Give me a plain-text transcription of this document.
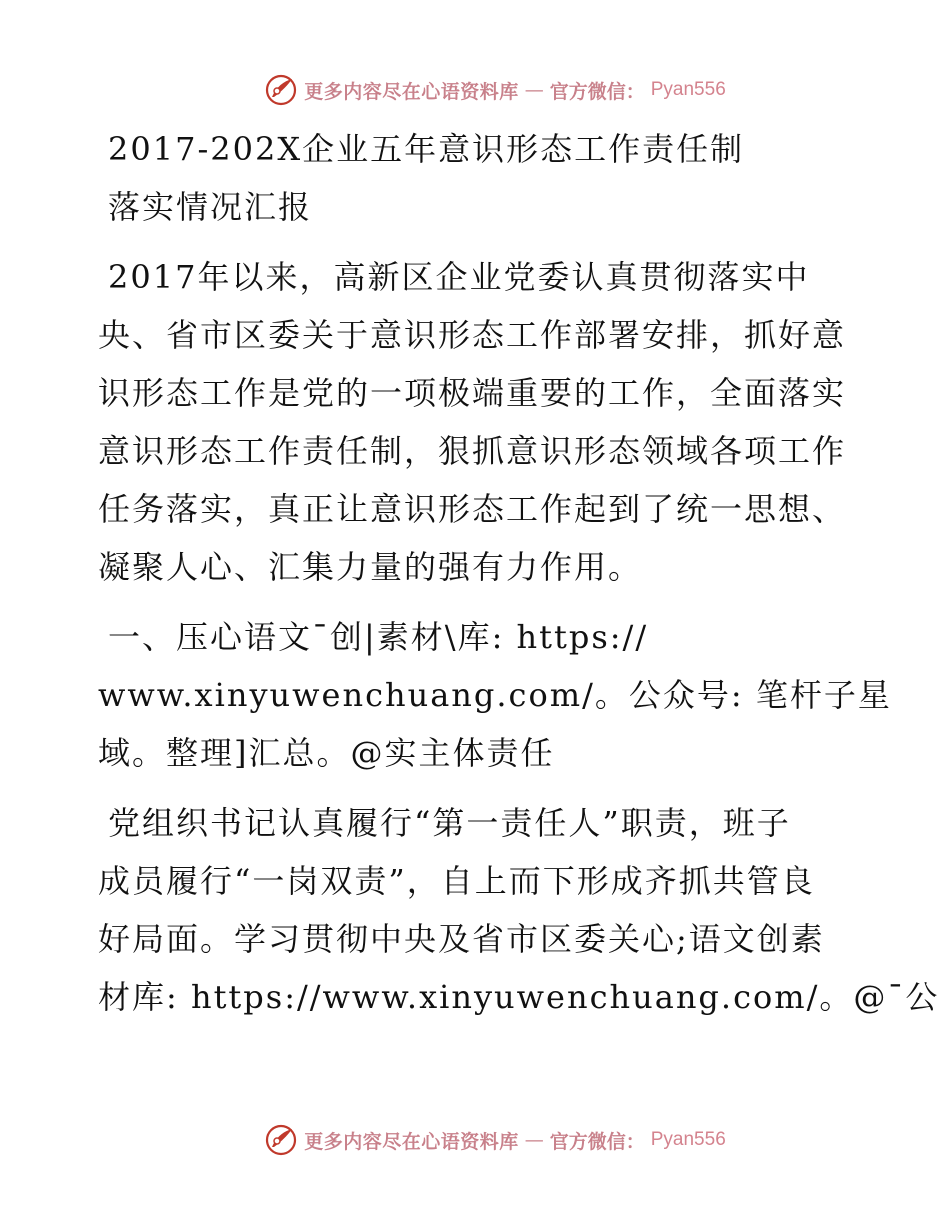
更多内容尽在心语资料库 — 官方微信： Pyan556
2017-202X企业五年意识形态工作责任制
落实情况汇报
2017年以来，高新区企业党委认真贯彻落实中
央、省市区委关于意识形态工作部署安排，抓好意
识形态工作是党的一项极端重要的工作，全面落实
意识形态工作责任制，狠抓意识形态领域各项工作
任务落实，真正让意识形态工作起到了统一思想、
凝聚人心、汇集力量的强有力作用。
一、压心语文¯创|素材\库: https://
www.xinyuwenchuang.com/。公众号: 笔杆子星
域。整理]汇总。@实主体责任
党组织书记认真履行“第一责任人”职责，班子
成员履行“一岗双责”，自上而下形成齐抓共管良
好局面。学习贯彻中央及省市区委关心;语文创素
材库: https://www.xinyuwenchuang.com/。@¯公
更多内容尽在心语资料库 — 官方微信： Pyan556
